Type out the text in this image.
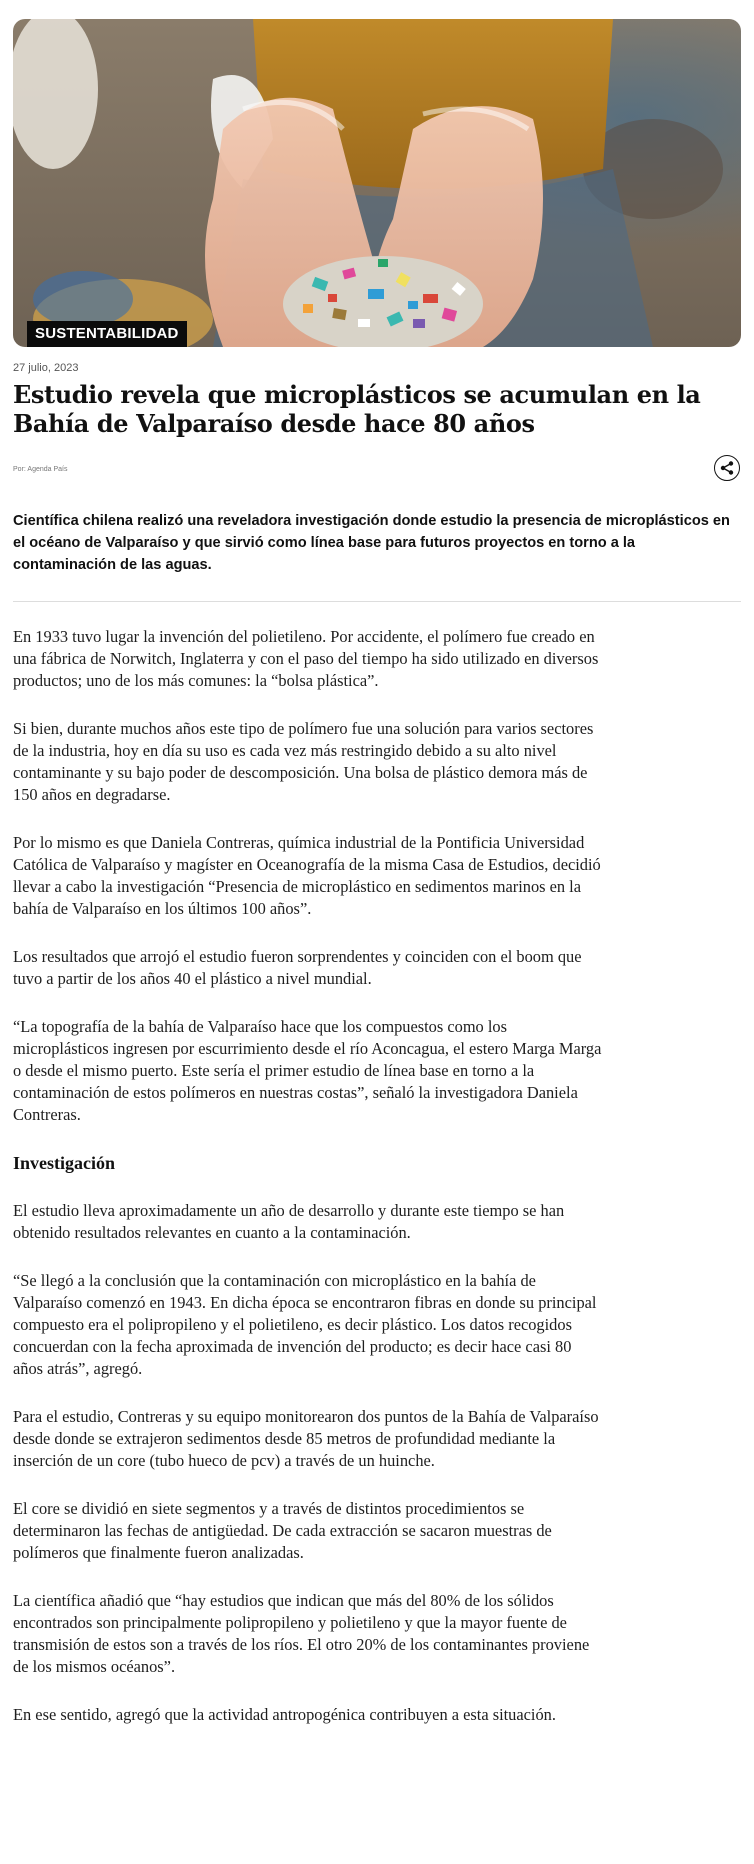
SUSTENTABILIDAD
27 julio, 2023
Estudio revela que microplásticos se acumulan en la Bahía de Valparaíso desde hace 80 años
Por: Agenda País

Científica chilena realizó una reveladora investigación donde estudio la presencia de microplásticos en el océano de Valparaíso y que sirvió como línea base para futuros proyectos en torno a la contaminación de las aguas.

En 1933 tuvo lugar la invención del polietileno. Por accidente, el polímero fue creado en una fábrica de Norwitch, Inglaterra y con el paso del tiempo ha sido utilizado en diversos productos; uno de los más comunes: la “bolsa plástica”.

Si bien, durante muchos años este tipo de polímero fue una solución para varios sectores de la industria, hoy en día su uso es cada vez más restringido debido a su alto nivel contaminante y su bajo poder de descomposición. Una bolsa de plástico demora más de 150 años en degradarse.

Por lo mismo es que Daniela Contreras, química industrial de la Pontificia Universidad Católica de Valparaíso y magíster en Oceanografía de la misma Casa de Estudios, decidió llevar a cabo la investigación “Presencia de microplástico en sedimentos marinos en la bahía de Valparaíso en los últimos 100 años”.

Los resultados que arrojó el estudio fueron sorprendentes y coinciden con el boom que tuvo a partir de los años 40 el plástico a nivel mundial.

“La topografía de la bahía de Valparaíso hace que los compuestos como los microplásticos ingresen por escurrimiento desde el río Aconcagua, el estero Marga Marga o desde el mismo puerto. Este sería el primer estudio de línea base en torno a la contaminación de estos polímeros en nuestras costas”, señaló la investigadora Daniela Contreras.

Investigación

El estudio lleva aproximadamente un año de desarrollo y durante este tiempo se han obtenido resultados relevantes en cuanto a la contaminación.

“Se llegó a la conclusión que la contaminación con microplástico en la bahía de Valparaíso comenzó en 1943. En dicha época se encontraron fibras en donde su principal compuesto era el polipropileno y el polietileno, es decir plástico. Los datos recogidos concuerdan con la fecha aproximada de invención del producto; es decir hace casi 80 años atrás”, agregó.

Para el estudio, Contreras y su equipo monitorearon dos puntos de la Bahía de Valparaíso desde donde se extrajeron sedimentos desde 85 metros de profundidad mediante la inserción de un core (tubo hueco de pcv) a través de un huinche.

El core se dividió en siete segmentos y a través de distintos procedimientos se determinaron las fechas de antigüedad. De cada extracción se sacaron muestras de polímeros que finalmente fueron analizadas.

La científica añadió que “hay estudios que indican que más del 80% de los sólidos encontrados son principalmente polipropileno y polietileno y que la mayor fuente de transmisión de estos son a través de los ríos. El otro 20% de los contaminantes proviene de los mismos océanos”.

En ese sentido, agregó que la actividad antropogénica contribuyen a esta situación.
